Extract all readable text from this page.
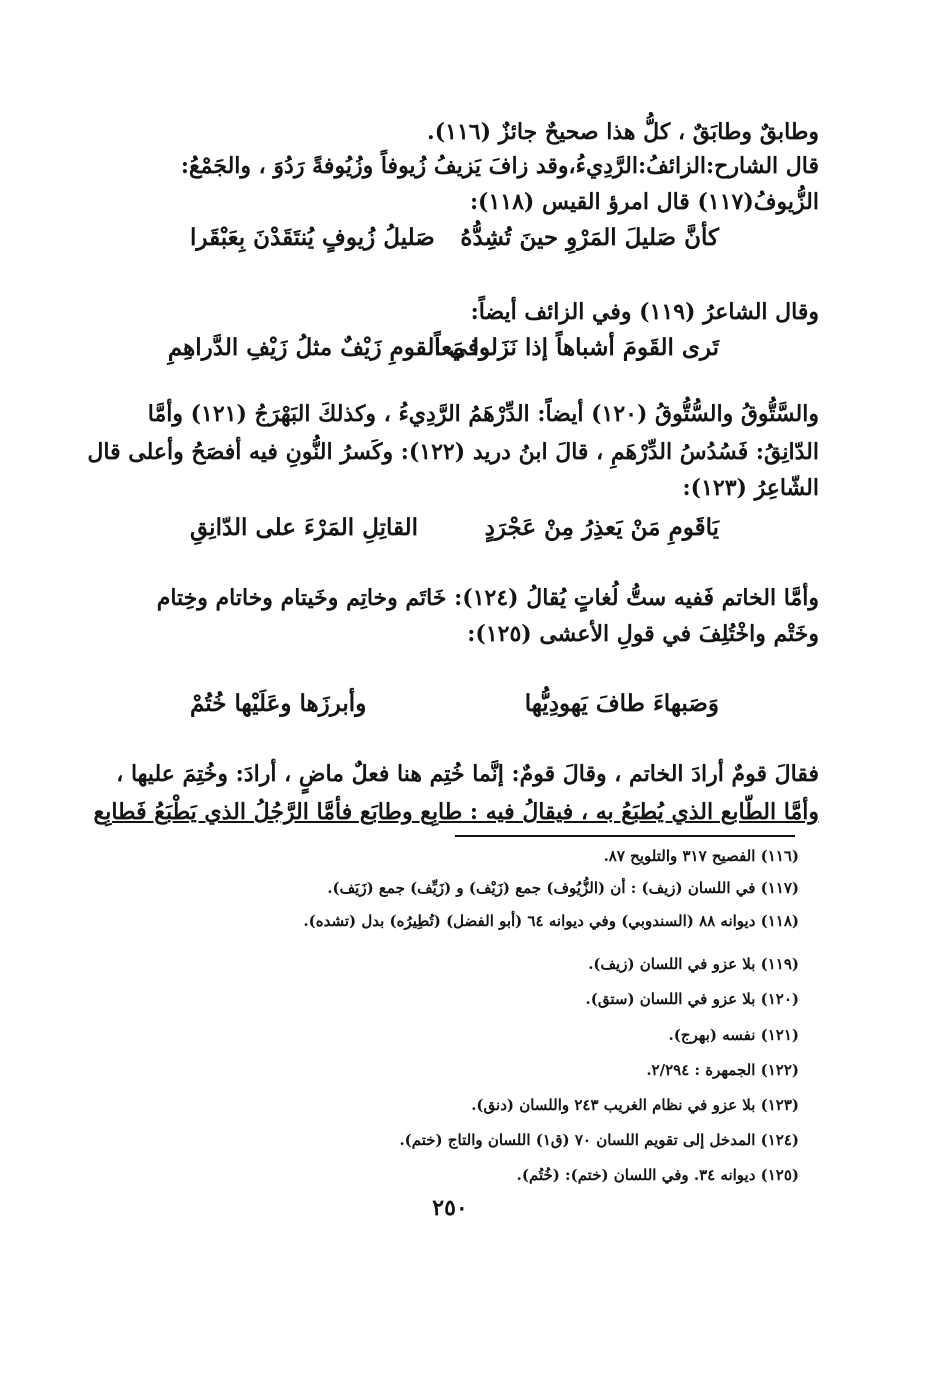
وطابقٌ وطابَقٌ ، كلُّ هذا صحيحٌ جائزٌ (١١٦).
قال الشارح:الزائفُ:الرَّدِيءُ،وقد زافَ يَزيفُ زُيوفاً وزُيُوفةً رَدُوَ ، والجَمْعُ:
الزُّيوفُ(١١٧) قال امرؤ القيس (١١٨):
كأنَّ صَليلَ المَرْوِ حينَ تُشِدُّهُ
صَليلُ زُيوفٍ يُنتَقَدْنَ بِعَبْقَرا
وقال الشاعرُ (١١٩) وفي الزائف أيضاً:
تَرى القَومَ أشباهاً إذا نَزَلوا مَعاً
وفي القومِ زَيْفٌ مثلُ زَيْفِ الدَّراهِمِ
والسَّتُّوقُ والسُّتُّوقُ (١٢٠) أيضاً: الدِّرْهَمُ الرَّدِيءُ ، وكذلكَ البَهْرَجُ (١٢١) وأمَّا
الدّانِقُ: فَسُدُسُ الدِّرْهَمِ ، قالَ ابنُ دريد (١٢٢): وكَسرُ النُّونِ فيه أفصَحُ وأعلى قال
الشّاعِرُ (١٢٣):
يَاقَومِ مَنْ يَعذِرُ مِنْ عَجْرَدٍ
القاتِلِ المَرْءَ على الدّانِقِ
وأمَّا الخاتم فَفيه ستُّ لُغاتٍ يُقالُ (١٢٤): خَاتَم وخاتِم وخَيتام وخاتام وخِتام
وخَتْم واخْتُلِفَ في قولِ الأعشى (١٢٥):
وَصَبهاءَ طافَ يَهودِيُّها
وأبرزَها وعَلَيْها خُتُمْ
فقالَ قومٌ أرادَ الخاتم ، وقالَ قومٌ: إنَّما خُتِم هنا فعلٌ ماضٍ ، أرادَ: وخُتِمَ عليها ،
وأمَّا الطّابع الذي يُطبَعُ به ، فيقالُ فيه : طابِع وطابَع فأمَّا الرَّجُلُ الذي يَطْبَعُ فَطابِع
(١١٦) الفصيح ٣١٧ والتلويح ٨٧.
(١١٧) في اللسان (زيف) : أن (الزُّيُوف) جمع (زَيْف) و (زَيِّف) جمع (زَيَف).
(١١٨) ديوانه ٨٨ (السندوبي) وفي ديوانه ٦٤ (أبو الفضل) (تُطِيرُه) بدل (تشده).
(١١٩) بلا عزو في اللسان (زيف).
(١٢٠) بلا عزو في اللسان (ستق).
(١٢١) نفسه (بهرج).
(١٢٢) الجمهرة : ٢/٢٩٤.
(١٢٣) بلا عزو في نظام الغريب ٢٤٣ واللسان (دنق).
(١٢٤) المدخل إلى تقويم اللسان ٧٠ (ق١) اللسان والتاج (ختم).
(١٢٥) ديوانه ٣٤. وفي اللسان (ختم): (خُتُم).
٢٥٠
